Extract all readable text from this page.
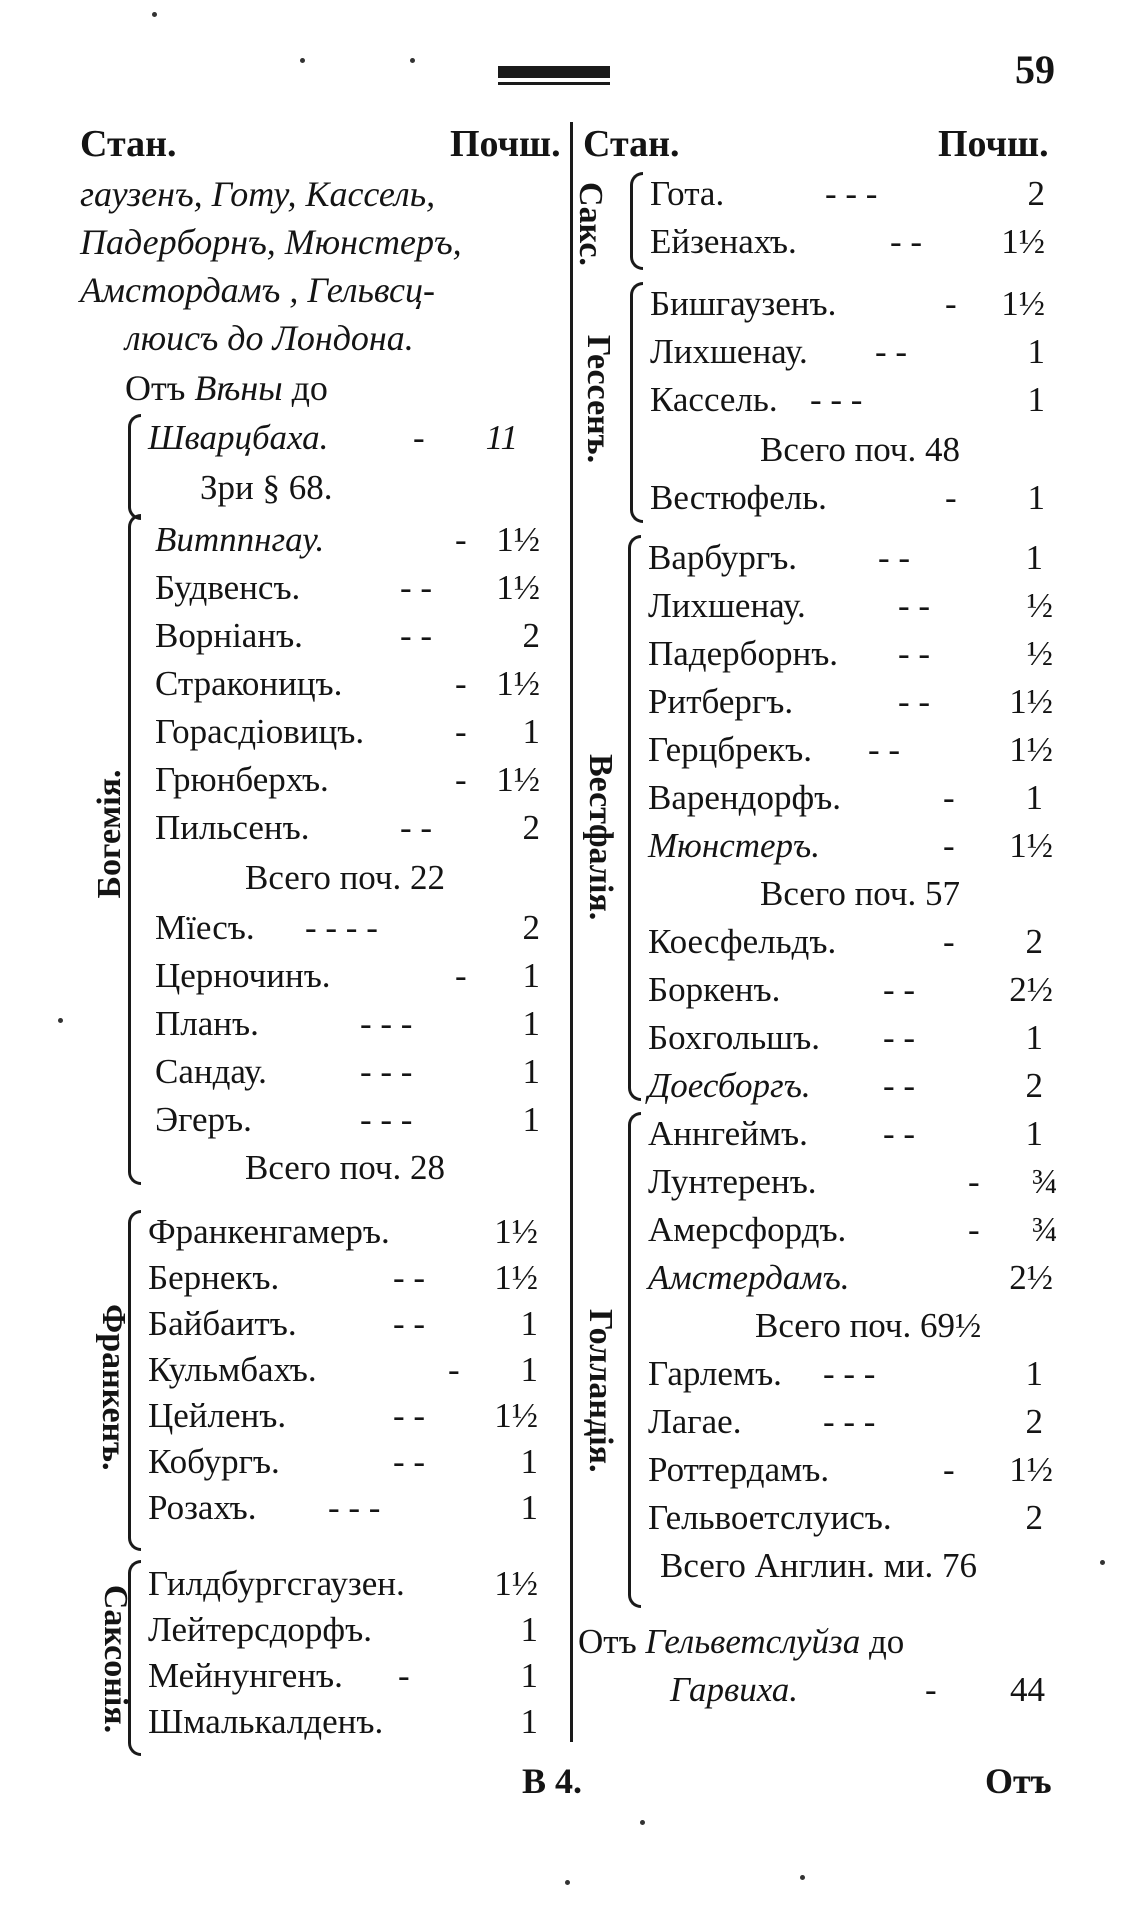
59
Стан.	Почш. Стан.	Почш.
гаузенъ, Готу, Кассель,
Падерборнъ, Мюнстеръ,
Амстордамъ , Гельвсц-
люисъ до Лондона.
Отъ Вѣны до
Шварцбаха. -	11
Зри § 68.
Богемія.
Витппнгау.	- 1½
Будвенсъ.	- -	1½
Ворніанъ.	- -	2
Страконицъ.	- 1½
Горасдіовицъ.	-	1
Грюнберхъ.	- 1½
Пильсенъ.	- -	2
Всего поч. 22
Мїесъ. - - - -	2
Церночинъ.	-	1
Планъ.	- - -	1
Сандау.	- - -	1
Эгеръ.	- - -	1
Всего поч. 28
Франкенъ.
Франкенгамеръ.	1½
Бернекъ.	- -	1½
Байбаитъ.	- -	1
Кульмбахъ.	-	1
Цейленъ.	- -	1½
Кобургъ.	- -	1
Розахъ. - - -	1
Саксонія.
Гилдбургсгаузен.	1½
Лейтерсдорфъ.	1
Мейнунгенъ. -	1
Шмалькалденъ.	1
Сакс. Гота.	- - -	2
Ейзенахъ.	- -	1½
Гессенъ.
Бишгаузенъ.	-	1½
Лихшенау. - -	1
Кассель. - - -	1
Всего поч. 48
Вестюфель.	-	1
Вестфалія.
Варбургъ. - -	1
Лихшенау.	- -	½
Падерборнъ. - -	½
Ритбергъ.	- -	1½
Герцбрекъ. - -	1½
Варендорфъ.	-	1
Мюнстеръ.	-	1½
Всего поч. 57
Коесфельдъ.	-	2
Боркенъ.	- -	2½
Бохгольшъ. - -	1
Доесборгъ. - -	2
Голландія.
Аннгеймъ. - -	1
Лунтеренъ.	-	¾
Амерсфордъ.	-	¾
Амстердамъ.	2½
Всего поч. 69½
Гарлемъ. - - -	1
Лагае. - - -	2
Роттердамъ.	-	1½
Гельвоетслуисъ.	2
Всего Англин. ми. 76
Отъ Гельветслуйза до
Гарвиха.	-	44
В 4.	Отъ
